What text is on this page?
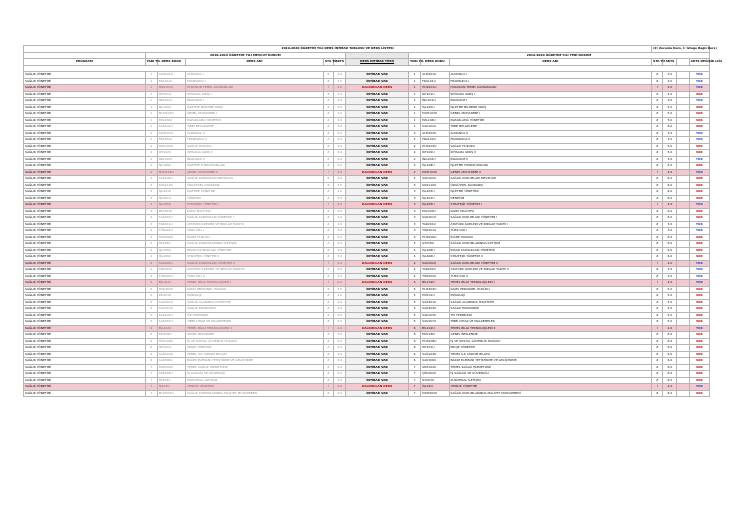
2019-2020 ÖĞRETİM YILI DERS İNTİBAK TABLOSU VE DERS LİSTESİ										(Z: Zorunlu Ders, İ: İsteğe Bağlı Ders)			
	2018-2019 ÖĞRETİM YILI MEVCUT DURUM						2019-2020 ÖĞRETİM YILI YENİ DURUM						
PROGRAM	YARI YIL	DERS KODU	DERS ADI	STA TÜ	AKTS	DERS İNTİBAK TÜRÜ	YARI YIL	DERS KODU	DERS ADI	STA TÜ	AKTS		AKTS DEĞİŞİK LİĞİ

SAĞLIK YÖNETİMİ	1	ALM101U	ALMANCA I	Z	3.0	İNTİBAK VAR	1	ALM101U	ALMANCA I	Z	3.0		YOK
SAĞLIK YÖNETİMİ	1	FRA101U	FRANSIZCA I	Z	3.0	İNTİBAK VAR	1	FRA101U	FRANSIZCA I	Z	3.0		YOK
SAĞLIK YÖNETİMİ	1	HUK101U	HUKUKUN TEMEL KAVRAMLARI	İ	4.0	KALDIRILAN DERS	1	HUK101U	HUKUKUN TEMEL KAVRAMLARI	İ	4.0		YOK
SAĞLIK YÖNETİMİ	1	İKT101U	İKTİSADA GİRİŞ I	Z	3.0	İNTİBAK VAR	1	İKT101U	İKTİSADA GİRİŞ I	Z	5.0		VAR
SAĞLIK YÖNETİMİ	1	İNG101U	İNGİLİZCE I	Z	3.0	İNTİBAK VAR	1	İNG101U	İNGİLİZCE I	Z	3.0		YOK
SAĞLIK YÖNETİMİ	1	İŞL100U	İŞLETME BİLİMİNE GİRİŞ	Z	3.0	İNTİBAK VAR	1	İŞL100U	İŞLETME BİLİMİNE GİRİŞ	Z	5.0		VAR
SAĞLIK YÖNETİMİ	1	MUH103U	GENEL MUHASEBE I	Z	3.0	İNTİBAK VAR	1	MUH103U	GENEL MUHASEBE I	Z	5.0		VAR
SAĞLIK YÖNETİMİ	1	PZL106U	PAZARLAMA YÖNETİMİ	Z	3.0	İNTİBAK VAR	1	PZL106U	PAZARLAMA YÖNETİMİ	Z	5.0		VAR
SAĞLIK YÖNETİMİ	1	SAK101U	TIBBİ BELGELEME	Z	3.0	İNTİBAK VAR	1	SAK101U	TIBBİ BELGELEME	Z	6.0		VAR
SAĞLIK YÖNETİMİ	2	ALM102U	ALMANCA II	Z	3.0	İNTİBAK VAR	2	ALM102U	ALMANCA II	Z	3.0		YOK
SAĞLIK YÖNETİMİ	2	FRA102U	FRANSIZCA II	Z	3.0	İNTİBAK VAR	2	FRA102U	FRANSIZCA II	Z	3.0		YOK
SAĞLIK YÖNETİMİ	2	HUK102U	SAĞLIK HUKUKU	Z	3.0	İNTİBAK VAR	2	HUK102U	SAĞLIK HUKUKU	Z	5.0		VAR
SAĞLIK YÖNETİMİ	2	İKT102U	İKTİSADA GİRİŞ II	Z	3.0	İNTİBAK VAR	2	İKT102U	İKTİSADA GİRİŞ II	Z	5.0		VAR
SAĞLIK YÖNETİMİ	2	İNG102U	İNGİLİZCE II	Z	3.0	İNTİBAK VAR	2	İNG102U	İNGİLİZCE II	Z	3.0		YOK
SAĞLIK YÖNETİMİ	2	İŞL108U	İŞLETME FONKSİYONLARI	Z	3.0	İNTİBAK VAR	2	İŞL108U	İŞLETME FONKSİYONLARI	Z	5.0		VAR
SAĞLIK YÖNETİMİ	2	MUH104U	GENEL MUHASEBE II	İ	4.0	KALDIRILAN DERS	2	MUH104U	GENEL MUHASEBE II	İ	4.0		YOK
SAĞLIK YÖNETİMİ	2	SAK102U	SAĞLIK KURUMLARI MEVZUATI	Z	3.0	İNTİBAK VAR	2	SAK102U	SAĞLIK KURUMLARI MEVZUATI	Z	6.0		VAR
SAĞLIK YÖNETİMİ	3	SOS110U	ÖRGÜTSEL DAVRANIŞ	Z	3.0	İNTİBAK VAR	3	SOS110U	ÖRGÜTSEL DAVRANIŞ	Z	6.0		VAR
SAĞLIK YÖNETİMİ	3	İŞL203U	İŞLETME YÖNETİMİ	Z	3.0	İNTİBAK VAR	3	İŞL203U	İŞLETME YÖNETİMİ	Z	6.0		VAR
SAĞLIK YÖNETİMİ	3	İŞL401U	YÖNETİM	Z	3.0	İNTİBAK VAR	3	İŞL401U	DENETİM	Z	6.0		VAR
SAĞLIK YÖNETİMİ	3	İŞL405U	STRATEJİK YÖNETİM I	İ	4.0	KALDIRILAN DERS	3	İŞL405U	STRATEJİK YÖNETİM I	İ	4.0		YOK
SAĞLIK YÖNETİMİ	3	MLY203U	KAMU MALİYESİ	Z	3.0	İNTİBAK VAR	3	MLY203U	KAMU MALİYESİ	Z	6.0		VAR
SAĞLIK YÖNETİMİ	3	SAK201U	SAĞLIK KURUMLARI YÖNETİMİ I	Z	4.0	İNTİBAK VAR	3	SAK201U	SAĞLIK KURUMLARI YÖNETİMİ I	Z	6.0		VAR
SAĞLIK YÖNETİMİ	3	TAR201U	ATATÜRK İLKELERİ VE İNKILAP TARİHİ I	Z	3.0	İNTİBAK VAR	3	TAR201U	ATATÜRK İLKELERİ VE İNKILAP TARİHİ I	Z	3.0		YOK
SAĞLIK YÖNETİMİ	3	TÜR201U	TÜRK DİLİ I	Z	3.0	İNTİBAK VAR	3	TÜR201U	TÜRK DİLİ I	Z	3.0		YOK
SAĞLIK YÖNETİMİ	4	HUK206U	İDARE HUKUKU	Z	3.0	İNTİBAK VAR	4	HUK206U	İDARE HUKUKU	Z	6.0		VAR
SAĞLIK YÖNETİMİ	4	İLT218U	SAĞLIK KURUMLARINDA İLETİŞİM	Z	3.0	İNTİBAK VAR	4	İLT218U	SAĞLIK KURUMLARINDA İLETİŞİM	Z	6.0		VAR
SAĞLIK YÖNETİMİ	4	İŞL208U	İNSAN KAYNAKLARI YÖNETİMİ	Z	3.0	İNTİBAK VAR	4	İŞL208U	İNSAN KAYNAKLARI YÖNETİMİ	Z	6.0		VAR
SAĞLIK YÖNETİMİ	4	İŞL406U	STRATEJİK YÖNETİM II	Z	3.0	İNTİBAK VAR	4	İŞL406U	STRATEJİK YÖNETİM II	Z	6.0		VAR
SAĞLIK YÖNETİMİ	4	SAK202U	SAĞLIK KURUMLARI YÖNETİMİ II	İ	4.0	KALDIRILAN DERS	4	SAK202U	SAĞLIK KURUMLARI YÖNETİMİ II	İ	4.0		YOK
SAĞLIK YÖNETİMİ	4	TAR202U	ATATÜRK İLKELERİ VE İNKILAP TARİHİ II	Z	3.0	İNTİBAK VAR	4	TAR202U	ATATÜRK İLKELERİ VE İNKILAP TARİHİ II	Z	3.0		YOK
SAĞLIK YÖNETİMİ	4	TÜR202U	TÜRK DİLİ II	Z	3.0	İNTİBAK VAR	4	TÜR202U	TÜRK DİLİ II	Z	3.0		YOK
SAĞLIK YÖNETİMİ	5	BİL102U	TEMEL BİLGİ TEKNOLOJİLERİ I	İ	2.0	KALDIRILAN DERS	5	BİL102U	TEMEL BİLGİ TEKNOLOJİLERİ I	İ	2.0		YOK
SAĞLIK YÖNETİMİ	5	HUK303U	KAMU PERSONEL HUKUKU	Z	3.0	İNTİBAK VAR	5	HUK303U	KAMU PERSONEL HUKUKU	Z	5.0		VAR
SAĞLIK YÖNETİMİ	5	PSİ101U	PSİKOLOJİ	Z	3.0	İNTİBAK VAR	5	PSİ101U	PSİKOLOJİ	Z	5.0		VAR
SAĞLIK YÖNETİMİ	5	SAĞ301U	SAĞLIK ALANINDA İSTATİSTİK	Z	4.0	İNTİBAK VAR	5	SAĞ301U	SAĞLIK ALANINDA İSTATİSTİK	Z	5.0		VAR
SAĞLIK YÖNETİMİ	5	SAĞ303U	SAĞLIK EKONOMİSİ	Z	3.0	İNTİBAK VAR	5	SAĞ303U	SAĞLIK EKONOMİSİ	Z	5.0		VAR
SAĞLIK YÖNETİMİ	5	SAK103U	TIP TERİMLERİ	Z	3.0	İNTİBAK VAR	5	SAK103U	TIP TERİMLERİ	Z	5.0		VAR
SAĞLIK YÖNETİMİ	5	SAK307U	TIBBİ CİHAZ VE MALZEMELER	Z	3.0	İNTİBAK VAR	5	SAK307U	TIBBİ CİHAZ VE MALZEMELER	Z	5.0		VAR
SAĞLIK YÖNETİMİ	6	BİL102U	TEMEL BİLGİ TEKNOLOJİLERİ II	İ	2.0	KALDIRILAN DERS	6	BİL102U	TEMEL BİLGİ TEKNOLOJİLERİ II	İ	2.0		YOK
SAĞLIK YÖNETİMİ	6	EKİ108U	GENEL BESLENME	Z	3.0	İNTİBAK VAR	6	EKİ108U	GENEL BESLENME	Z	6.0		VAR
SAĞLIK YÖNETİMİ	6	HUK108U	İŞ VE SOSYAL GÜVENLİK HUKUKU	Z	3.0	İNTİBAK VAR	6	HUK108U	İŞ VE SOSYAL GÜVENLİK HUKUKU	Z	6.0		VAR
SAĞLIK YÖNETİMİ	6	İKT101U	PROJE YÖNETİMİ	Z	3.0	İNTİBAK VAR	6	İKT101U	PROJE YÖNETİMİ	Z	6.0		VAR
SAĞLIK YÖNETİMİ	6	SAĞ104U	TEMEL İLK YARDIM BİLGİSİ	Z	3.0	İNTİBAK VAR	6	SAĞ104U	TEMEL İLK YARDIM BİLGİSİ	Z	6.0		VAR
SAĞLIK YÖNETİMİ	6	SAK306U	BAKIM ELEMANI YETİŞTİRME VE GELİŞTİRME	Z	3.0	İNTİBAK VAR	6	SAK306U	BAKIM ELEMANI YETİŞTİRME VE GELİŞTİRME	Z	6.0		VAR
SAĞLIK YÖNETİMİ	7	SHZ104U	TEMEL SAĞLIK HİZMETLERİ	Z	3.0	İNTİBAK VAR	7	SHZ104U	TEMEL SAĞLIK HİZMETLERİ	Z	6.0		VAR
SAĞLIK YÖNETİMİ	7	ÇEK403U	İŞ SAĞLIĞI VE GÜVENLİĞİ	Z	3.0	İNTİBAK VAR	7	ÇEK403U	İŞ SAĞLIĞI VE GÜVENLİĞİ	Z	6.0		VAR
SAĞLIK YÖNETİMİ	7	İLT203U	KURUMSAL İLETİŞİM	Z	3.0	İNTİBAK VAR	7	İLT203U	KURUMSAL İLETİŞİM	Z	6.0		VAR
SAĞLIK YÖNETİMİ	7	İŞ102U	YENİLİK YÖNETİMİ	İ	4.0	KALDIRILAN DERS	7	İŞ102U	YENİLİK YÖNETİMİ	İ	4.0		YOK
SAĞLIK YÖNETİMİ	7	MUH403U	SAĞLIK KURUMLARINDA MALİYET MUHASEBESİ	Z	3.0	İNTİBAK VAR	7	MUH403U	SAĞLIK KURUMLARINDA MALİYET MUHASEBESİ	Z	6.0		VAR
